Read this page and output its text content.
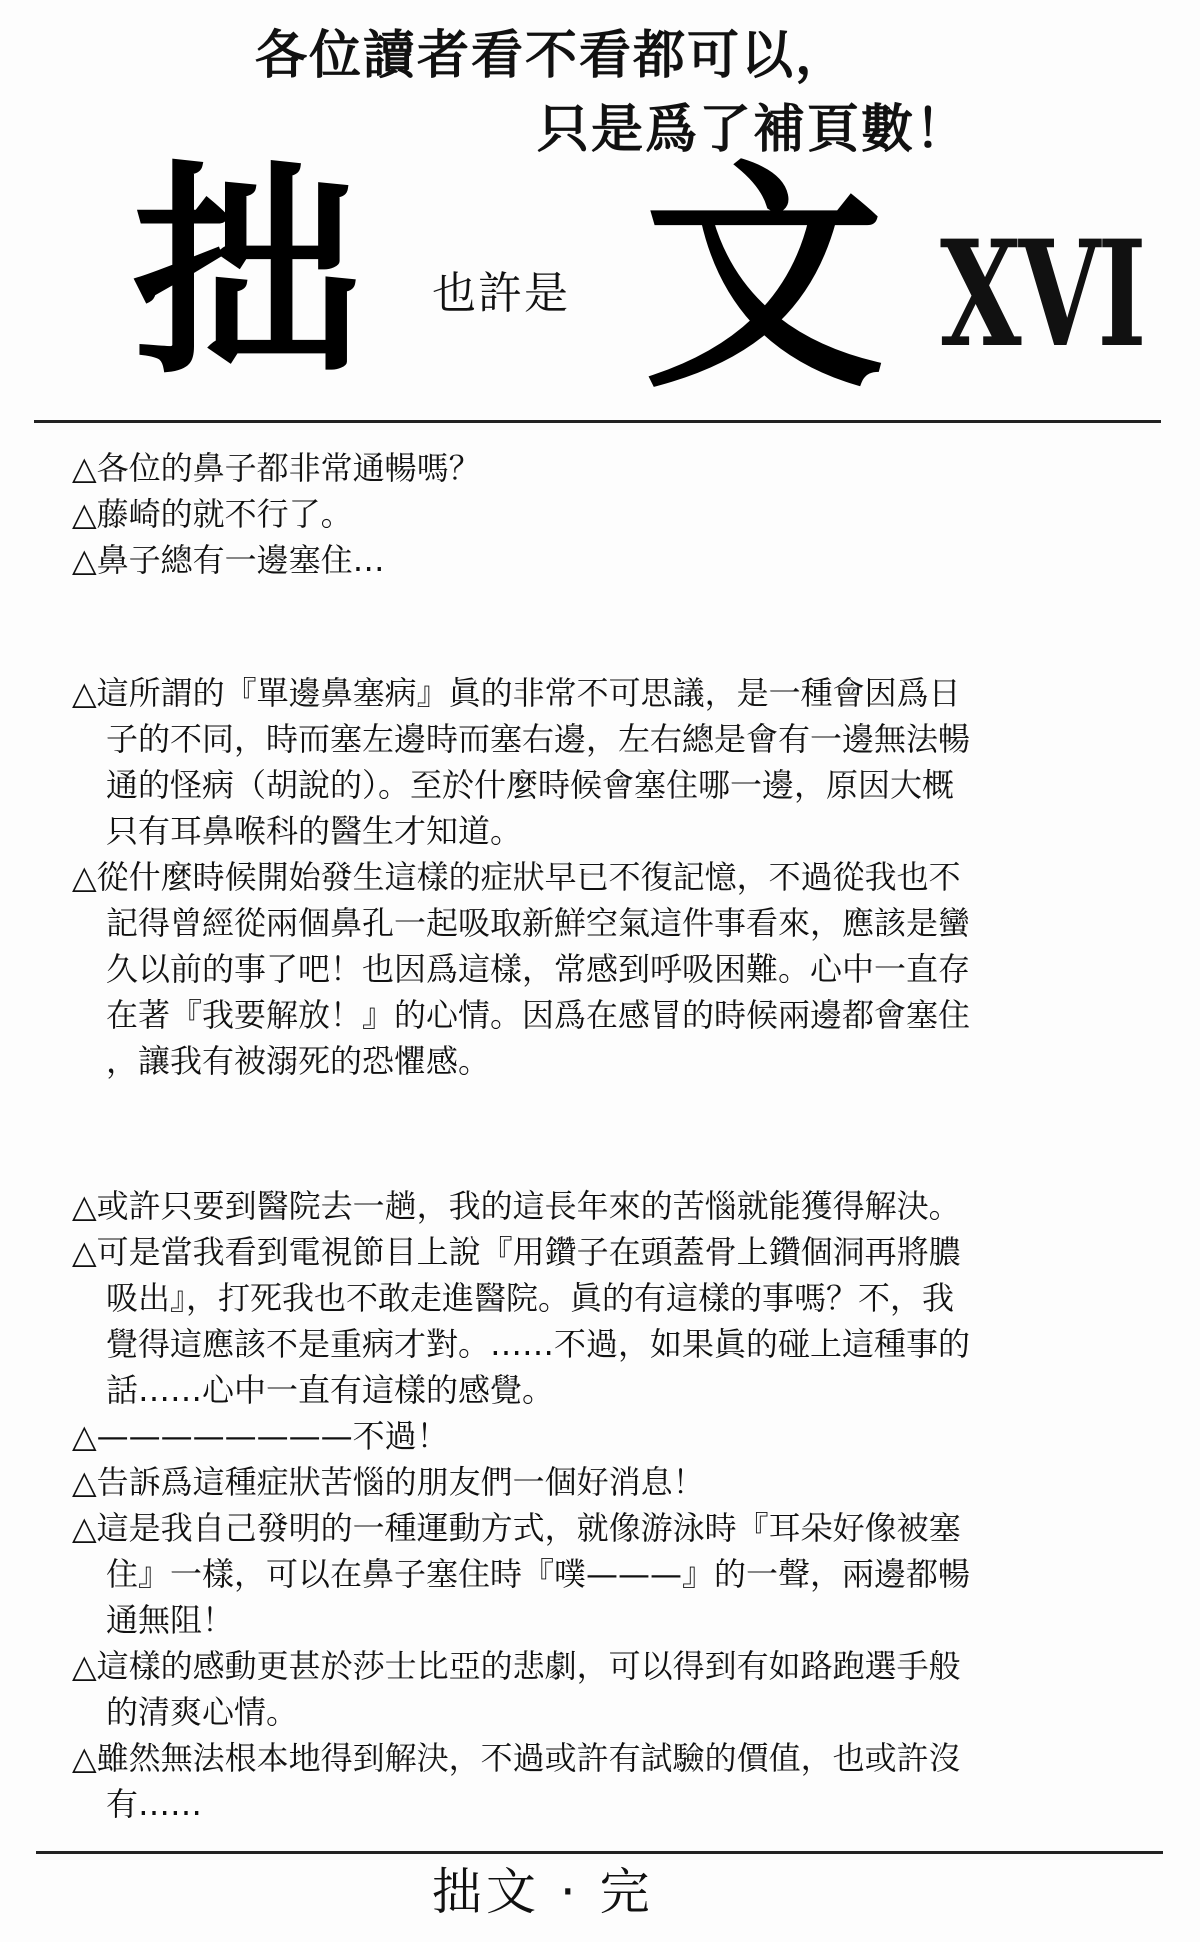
各位讀者看不看都可以，
只是爲了補頁數！
拙 也許是 文 XVI
△各位的鼻子都非常通暢嗎？
△藤崎的就不行了。
△鼻子總有一邊塞住…
△這所謂的『單邊鼻塞病』眞的非常不可思議，是一種會因爲日
子的不同，時而塞左邊時而塞右邊，左右總是會有一邊無法暢
通的怪病（胡說的）。至於什麼時候會塞住哪一邊，原因大概
只有耳鼻喉科的醫生才知道。
△從什麼時候開始發生這樣的症狀早已不復記憶，不過從我也不
記得曾經從兩個鼻孔一起吸取新鮮空氣這件事看來，應該是蠻
久以前的事了吧！也因爲這樣，常感到呼吸困難。心中一直存
在著『我要解放！』的心情。因爲在感冒的時候兩邊都會塞住
，讓我有被溺死的恐懼感。
△或許只要到醫院去一趟，我的這長年來的苦惱就能獲得解決。
△可是當我看到電視節目上說『用鑽子在頭蓋骨上鑽個洞再將膿
吸出』，打死我也不敢走進醫院。眞的有這樣的事嗎？不，我
覺得這應該不是重病才對。……不過，如果眞的碰上這種事的
話……心中一直有這樣的感覺。
△————————不過！
△告訴爲這種症狀苦惱的朋友們一個好消息！
△這是我自己發明的一種運動方式，就像游泳時『耳朵好像被塞
住』一樣，可以在鼻子塞住時『噗———』的一聲，兩邊都暢
通無阻！
△這樣的感動更甚於莎士比亞的悲劇，可以得到有如路跑選手般
的清爽心情。
△雖然無法根本地得到解決，不過或許有試驗的價值，也或許沒
有……
拙文 · 完
